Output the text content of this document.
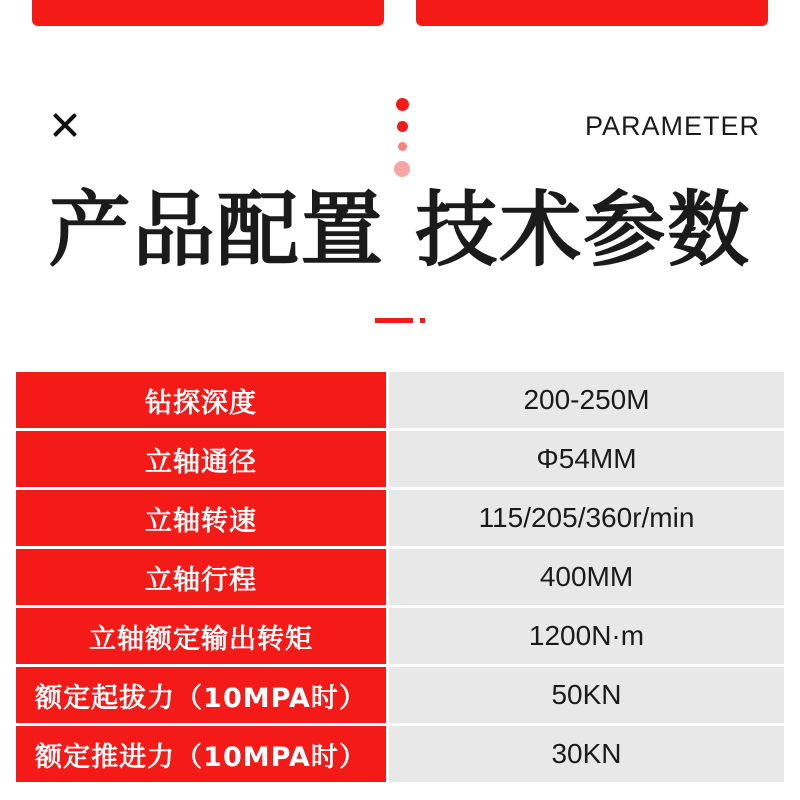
PARAMETER
产品配置 技术参数
钻探深度	200-250M
立轴通径	Φ54MM
立轴转速	115/205/360r/min
立轴行程	400MM
立轴额定输出转矩	1200N·m
额定起拔力（10MPA时）	50KN
额定推进力（10MPA时）	30KN
